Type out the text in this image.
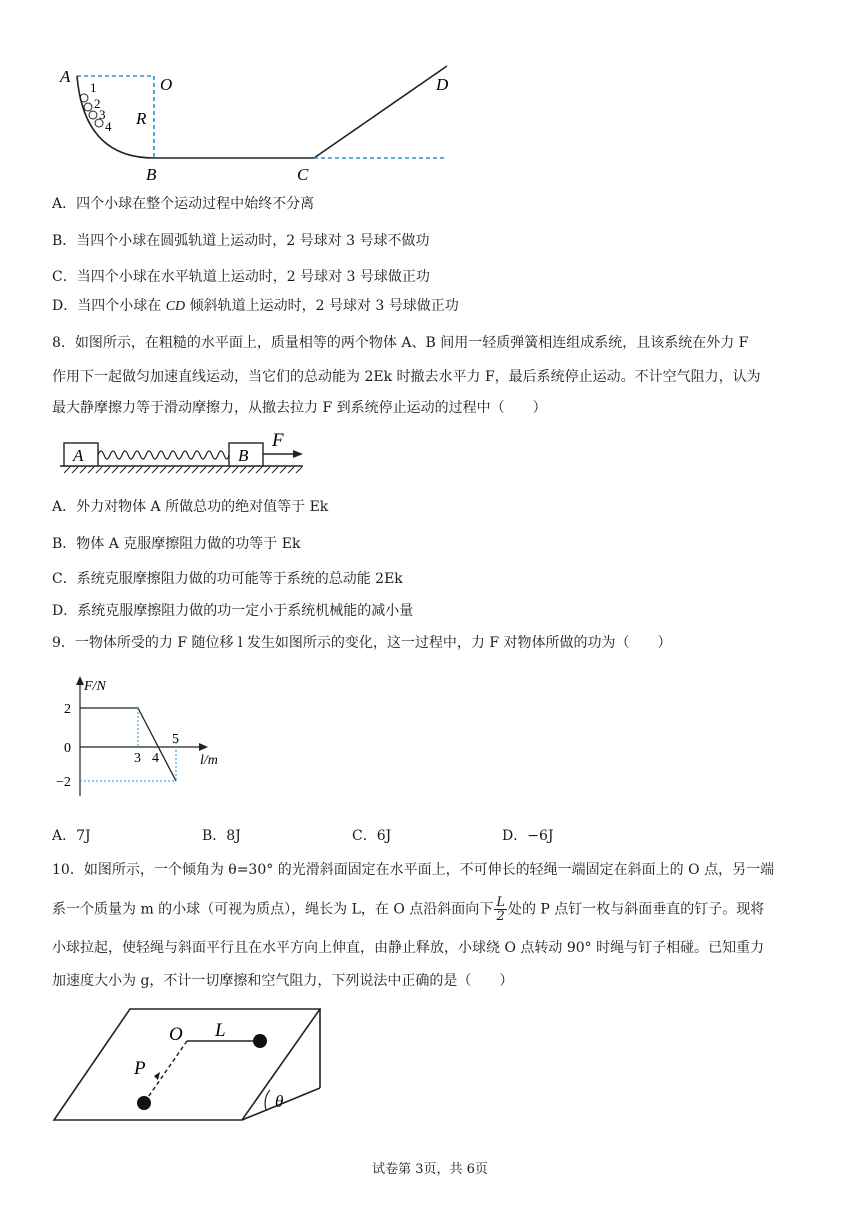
A	O
R
B	C
D
1
2
3
4
A．四个小球在整个运动过程中始终不分离
B．当四个小球在圆弧轨道上运动时，2 号球对 3 号球不做功
C．当四个小球在水平轨道上运动时，2 号球对 3 号球做正功
D．当四个小球在 CD 倾斜轨道上运动时，2 号球对 3 号球做正功
8．如图所示，在粗糙的水平面上，质量相等的两个物体 A、B 间用一轻质弹簧相连组成系统，且该系统在外力 F
作用下一起做匀加速直线运动，当它们的总动能为 2Ek 时撤去水平力 F，最后系统停止运动。不计空气阻力，认为
最大静摩擦力等于滑动摩擦力，从撤去拉力 F 到系统停止运动的过程中（　　）
A	B
F
A．外力对物体 A 所做总功的绝对值等于 Ek
B．物体 A 克服摩擦阻力做的功等于 Ek
C．系统克服摩擦阻力做的功可能等于系统的总动能 2Ek
D．系统克服摩擦阻力做的功一定小于系统机械能的减小量
9．一物体所受的力 F 随位移 l 发生如图所示的变化，这一过程中，力 F 对物体所做的功为（　　）
F/N
l/m
2
0
−2
3 4
5
A．7J	B．8J	C．6J	D．−6J
10．如图所示，一个倾角为 θ=30° 的光滑斜面固定在水平面上，不可伸长的轻绳一端固定在斜面上的 O 点，另一端
系一个质量为 m 的小球（可视为质点），绳长为 L，在 O 点沿斜面向下 $\frac{L}{2}$ 处的 P 点钉一枚与斜面垂直的钉子。现将
小球拉起，使轻绳与斜面平行且在水平方向上伸直，由静止释放，小球绕 O 点转动 90° 时绳与钉子相碰。已知重力
加速度大小为 g，不计一切摩擦和空气阻力，下列说法中正确的是（　　）
O L
P
θ
试卷第 3页，共 6页
